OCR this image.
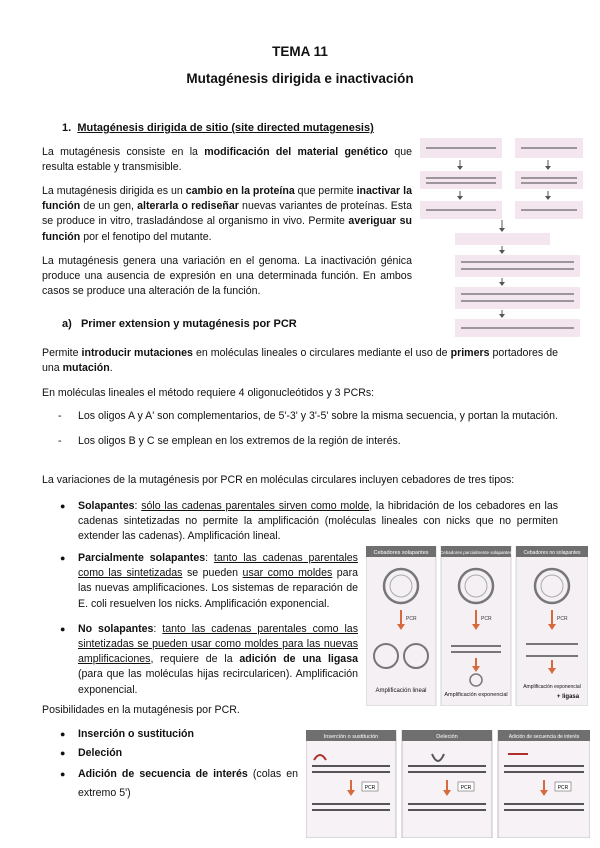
TEMA 11
Mutagénesis dirigida e inactivación
1. Mutagénesis dirigida de sitio (site directed mutagenesis)

La mutagénesis consiste en la modificación del material genético que resulta estable y transmisible.

La mutagénesis dirigida es un cambio en la proteína que permite inactivar la función de un gen, alterarla o rediseñar nuevas variantes de proteínas. Esta se produce in vitro, trasladándose al organismo in vivo. Permite averiguar su función por el fenotipo del mutante.

La mutagénesis genera una variación en el genoma. La inactivación génica produce una ausencia de expresión en una determinada función. En ambos casos se produce una alteración de la función.

a) Primer extension y mutagénesis por PCR

Permite introducir mutaciones en moléculas lineales o circulares mediante el uso de primers portadores de una mutación.

En moléculas lineales el método requiere 4 oligonucleótidos y 3 PCRs:

- Los oligos A y A' son complementarios, de 5'-3' y 3'-5' sobre la misma secuencia, y portan la mutación.
- Los oligos B y C se emplean en los extremos de la región de interés.

La variaciones de la mutagénesis por PCR en moléculas circulares incluyen cebadores de tres tipos:

● Solapantes: sólo las cadenas parentales sirven como molde, la hibridación de los cebadores en las cadenas sintetizadas no permite la amplificación (moléculas lineales con nicks que no permiten extender las cadenas). Amplificación lineal.
● Parcialmente solapantes: tanto las cadenas parentales como las sintetizadas se pueden usar como moldes para las nuevas amplificaciones. Los sistemas de reparación de E. coli resuelven los nicks. Amplificación exponencial.
● No solapantes: tanto las cadenas parentales como las sintetizadas se pueden usar como moldes para las nuevas amplificaciones, requiere de la adición de una ligasa (para que las moléculas hijas recircularicen). Amplificación exponencial.
Cebadores solapantes
PCR
Amplificación lineal
Cebadores parcialmente solapantes
PCR
Amplificación exponencial
Cebadores no solapantes
PCR
Amplificación exponencial
+ ligasa

Posibilidades en la mutagénesis por PCR.

● Inserción o sustitución
● Deleción
● Adición de secuencia de interés (colas en extremo 5')
Inserción o sustitución
PCR
Deleción
PCR
Adición de secuencia de interés
PCR
